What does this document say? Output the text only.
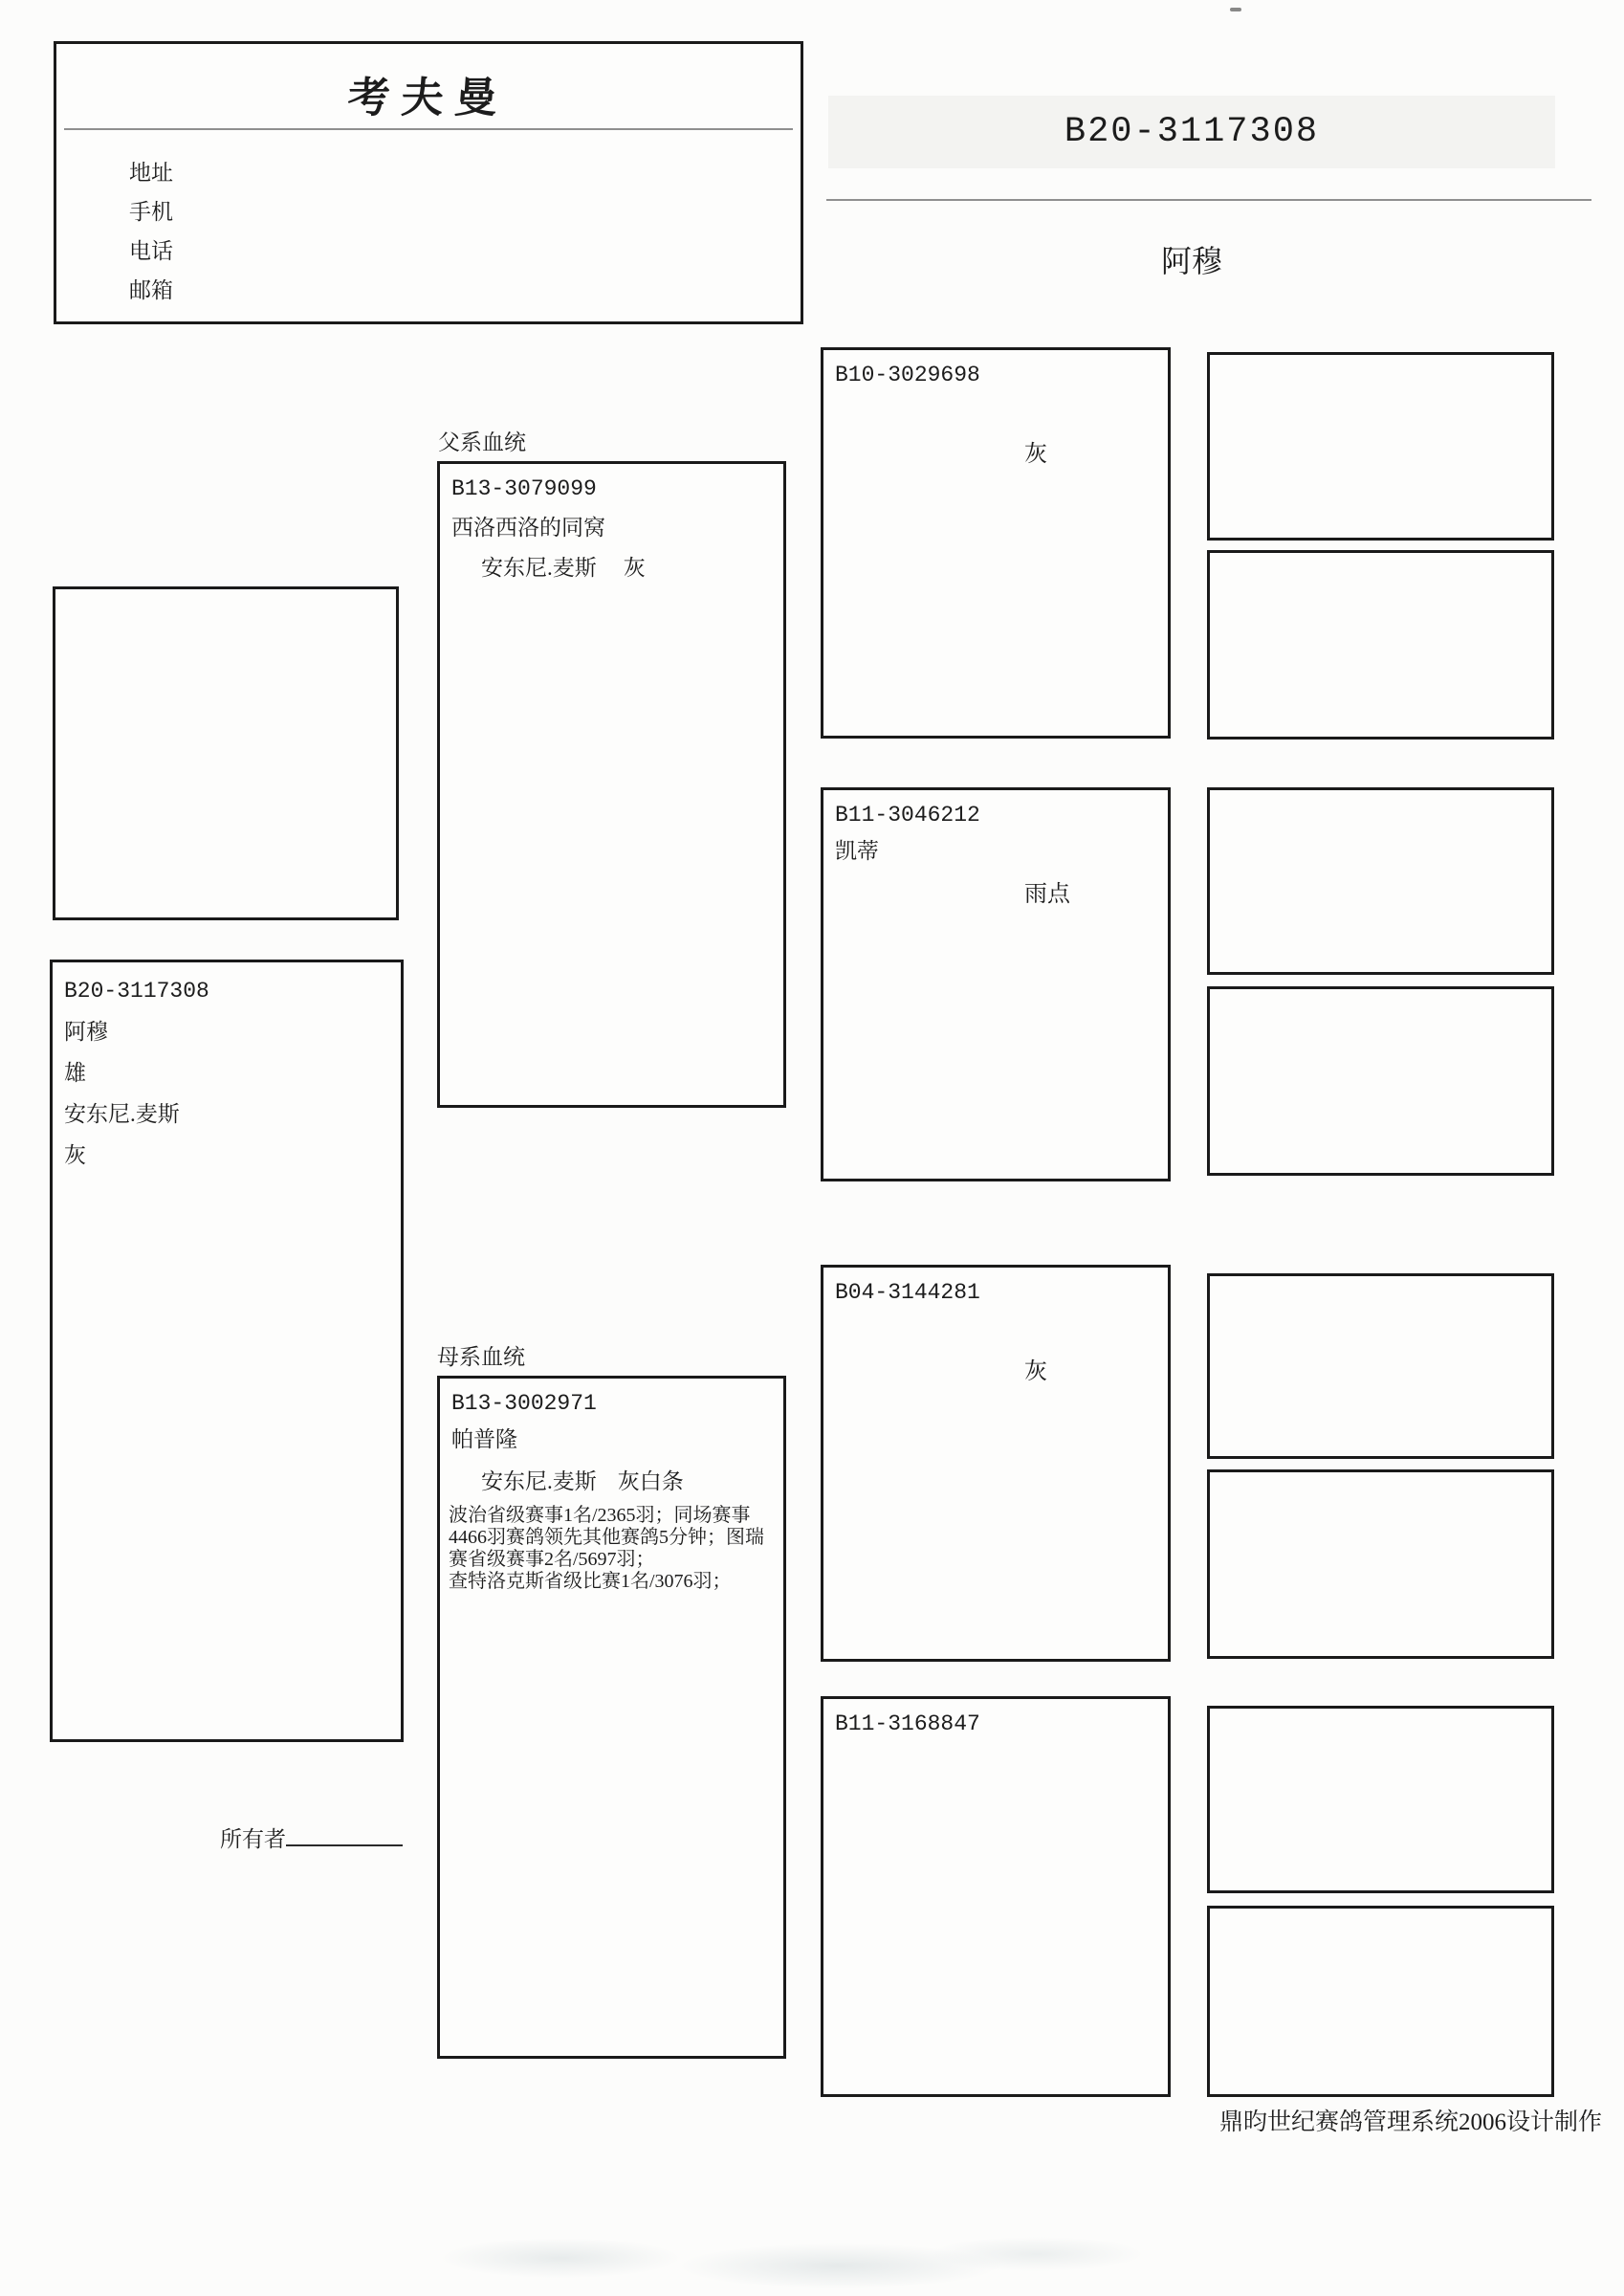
考夫曼
地址
手机
电话
邮箱
B20-3117308
阿穆
B20-3117308
阿穆
雄
安东尼.麦斯
灰
父系血统
B13-3079099
西洛西洛的同窝
安东尼.麦斯 灰
母系血统
B13-3002971
帕普隆
安东尼.麦斯 灰白条
波治省级赛事1名/2365羽；同场赛事
4466羽赛鸽领先其他赛鸽5分钟；图瑞
赛省级赛事2名/5697羽；
查特洛克斯省级比赛1名/3076羽；
B10-3029698
灰
B11-3046212
凯蒂
雨点
B04-3144281
灰
B11-3168847
所有者
鼎昀世纪赛鸽管理系统2006设计制作
